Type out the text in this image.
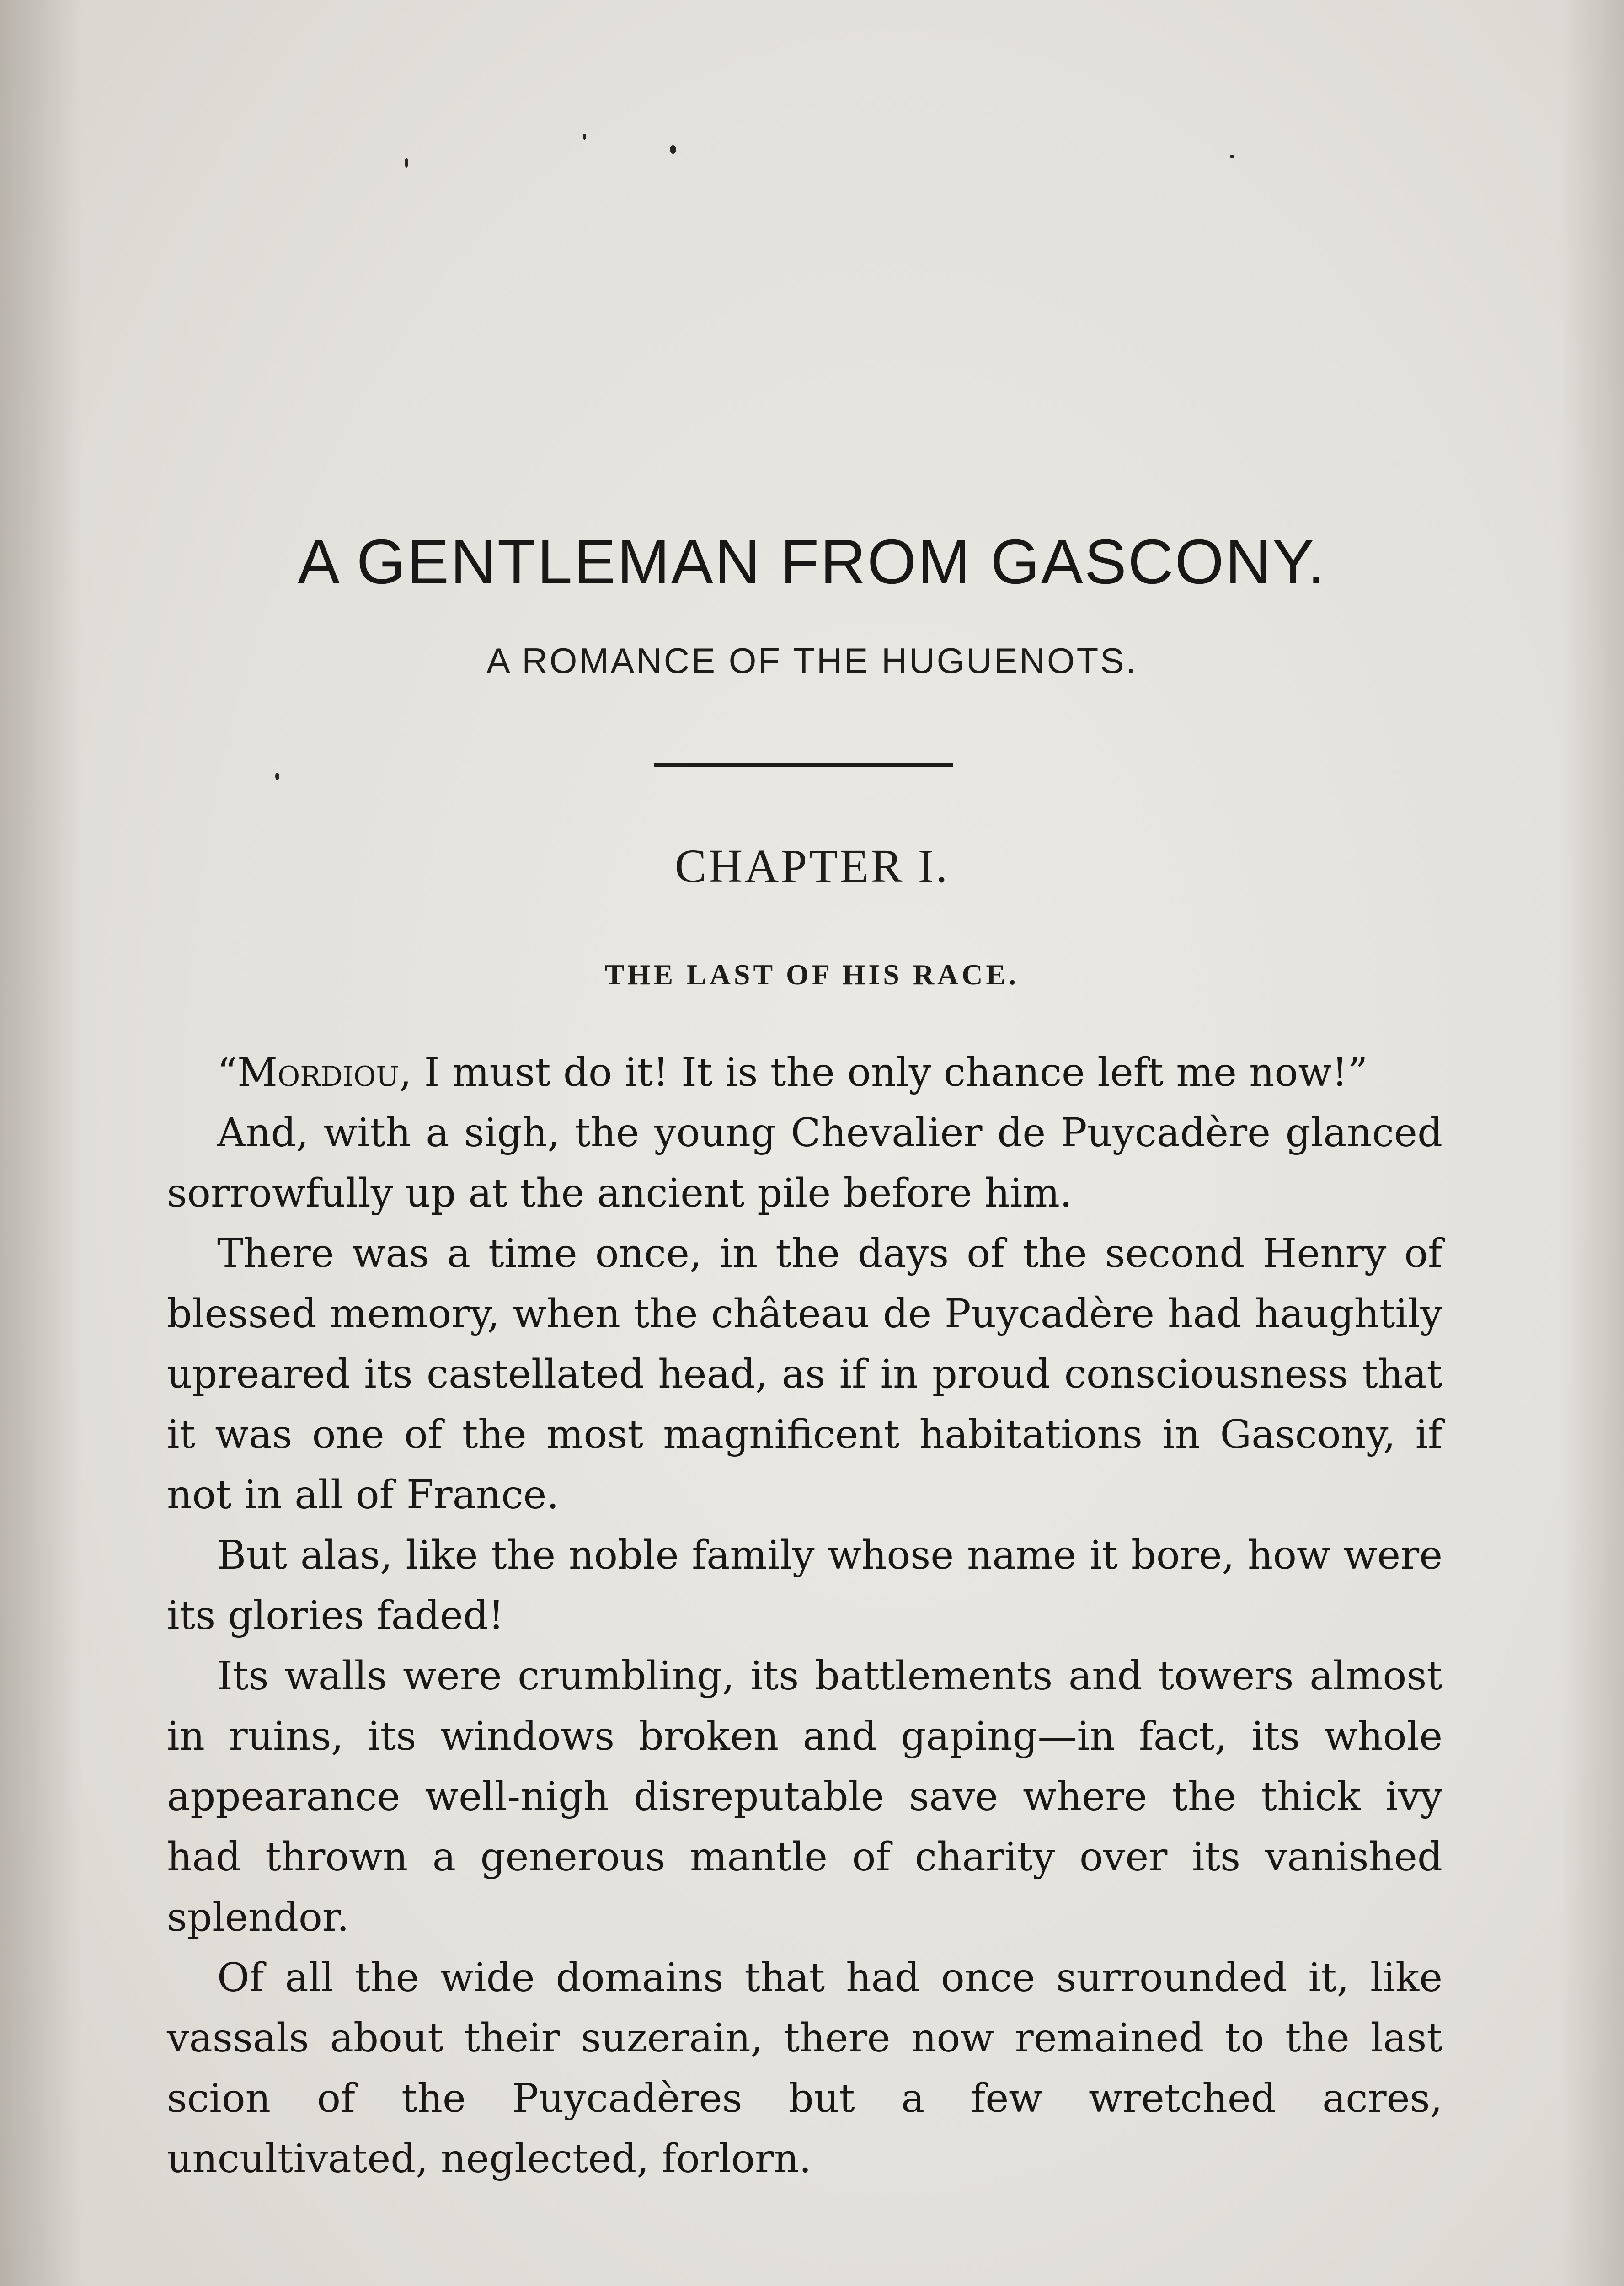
A GENTLEMAN FROM GASCONY.
A ROMANCE OF THE HUGUENOTS.
CHAPTER I.
THE LAST OF HIS RACE.

“Mordiou, I must do it! It is the only chance left me now!”

And, with a sigh, the young Chevalier de Puycadère glanced sorrowfully up at the ancient pile before him.

There was a time once, in the days of the second Henry of blessed memory, when the château de Puycadère had haughtily upreared its castellated head, as if in proud consciousness that it was one of the most magnificent habitations in Gascony, if not in all of France.

But alas, like the noble family whose name it bore, how were its glories faded!

Its walls were crumbling, its battlements and towers almost in ruins, its windows broken and gaping—in fact, its whole appearance well-nigh disreputable save where the thick ivy had thrown a generous mantle of charity over its vanished splendor.

Of all the wide domains that had once surrounded it, like vassals about their suzerain, there now remained to the last scion of the Puycadères but a few wretched acres, uncultivated, neglected, forlorn.
